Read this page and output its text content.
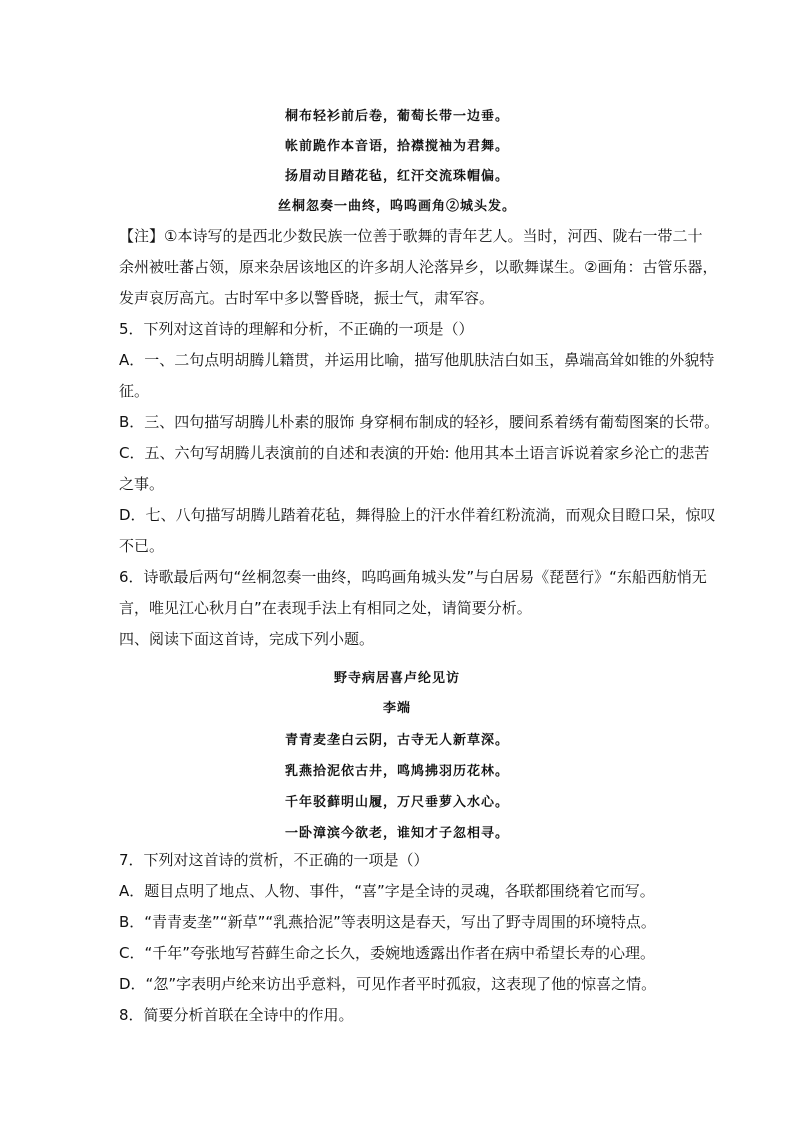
桐布轻衫前后卷，葡萄长带一边垂。
帐前跪作本音语，拾襟搅袖为君舞。
扬眉动目踏花毡，红汗交流珠帽偏。
丝桐忽奏一曲终，呜呜画角②城头发。
【注】①本诗写的是西北少数民族一位善于歌舞的青年艺人。当时，河西、陇右一带二十
余州被吐蕃占领，原来杂居该地区的许多胡人沦落异乡，以歌舞谋生。②画角：古管乐器，
发声哀厉高亢。古时军中多以警昏晓，振士气，肃军容。
5．下列对这首诗的理解和分析，不正确的一项是（）
A．一、二句点明胡腾儿籍贯，并运用比喻，描写他肌肤洁白如玉，鼻端高耸如锥的外貌特
征。
B．三、四句描写胡腾儿朴素的服饰 身穿桐布制成的轻衫，腰间系着绣有葡萄图案的长带。
C．五、六句写胡腾儿表演前的自述和表演的开始: 他用其本土语言诉说着家乡沦亡的悲苦
之事。
D．七、八句描写胡腾儿踏着花毡，舞得脸上的汗水伴着红粉流淌，而观众目瞪口呆，惊叹
不已。
6．诗歌最后两句“丝桐忽奏一曲终，呜呜画角城头发”与白居易《琵琶行》“东船西舫悄无
言，唯见江心秋月白”在表现手法上有相同之处，请简要分析。
四、阅读下面这首诗，完成下列小题。
野寺病居喜卢纶见访
李端
青青麦垄白云阴，古寺无人新草深。
乳燕拾泥依古井，鸣鸠拂羽历花林。
千年驳藓明山履，万尺垂萝入水心。
一卧漳滨今欲老，谁知才子忽相寻。
7．下列对这首诗的赏析，不正确的一项是（）
A．题目点明了地点、人物、事件，“喜”字是全诗的灵魂，各联都围绕着它而写。
B．“青青麦垄”“新草”“乳燕拾泥”等表明这是春天，写出了野寺周围的环境特点。
C．“千年”夸张地写苔藓生命之长久，委婉地透露出作者在病中希望长寿的心理。
D．“忽”字表明卢纶来访出乎意料，可见作者平时孤寂，这表现了他的惊喜之情。
8．简要分析首联在全诗中的作用。
